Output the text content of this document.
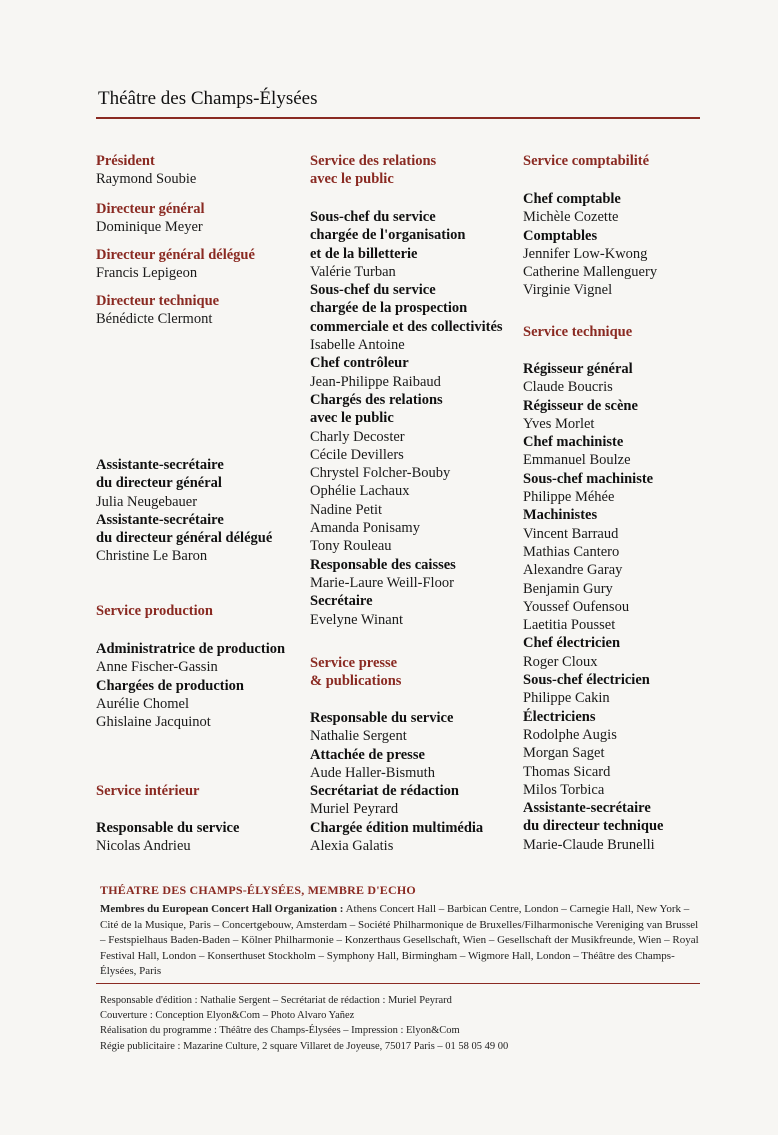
Théâtre des Champs-Élysées
Président
Raymond Soubie
Directeur général
Dominique Meyer
Directeur général délégué
Francis Lepigeon
Directeur technique
Bénédicte Clermont
Assistante-secrétaire
du directeur général
Julia Neugebauer
Assistante-secrétaire
du directeur général délégué
Christine Le Baron
Service production
Administratrice de production
Anne Fischer-Gassin
Chargées de production
Aurélie Chomel
Ghislaine Jacquinot
Service intérieur
Responsable du service
Nicolas Andrieu
Service des relations
avec le public
Sous-chef du service
chargée de l'organisation
et de la billetterie
Valérie Turban
Sous-chef du service
chargée de la prospection
commerciale et des collectivités
Isabelle Antoine
Chef contrôleur
Jean-Philippe Raibaud
Chargés des relations
avec le public
Charly Decoster
Cécile Devillers
Chrystel Folcher-Bouby
Ophélie Lachaux
Nadine Petit
Amanda Ponisamy
Tony Rouleau
Responsable des caisses
Marie-Laure Weill-Floor
Secrétaire
Evelyne Winant
Service presse
& publications
Responsable du service
Nathalie Sergent
Attachée de presse
Aude Haller-Bismuth
Secrétariat de rédaction
Muriel Peyrard
Chargée édition multimédia
Alexia Galatis
Service comptabilité
Chef comptable
Michèle Cozette
Comptables
Jennifer Low-Kwong
Catherine Mallenguery
Virginie Vignel
Service technique
Régisseur général
Claude Boucris
Régisseur de scène
Yves Morlet
Chef machiniste
Emmanuel Boulze
Sous-chef machiniste
Philippe Méhée
Machinistes
Vincent Barraud
Mathias Cantero
Alexandre Garay
Benjamin Gury
Youssef Oufensou
Laetitia Pousset
Chef électricien
Roger Cloux
Sous-chef électricien
Philippe Cakin
Électriciens
Rodolphe Augis
Morgan Saget
Thomas Sicard
Milos Torbica
Assistante-secrétaire
du directeur technique
Marie-Claude Brunelli
THÉATRE DES CHAMPS-ÉLYSÉES, MEMBRE D'ECHO
Membres du European Concert Hall Organization : Athens Concert Hall – Barbican Centre, London – Carnegie Hall, New York – Cité de la Musique, Paris – Concertgebouw, Amsterdam – Société Philharmonique de Bruxelles/Filharmonische Vereniging van Brussel – Festspielhaus Baden-Baden – Kölner Philharmonie – Konzerthaus Gesellschaft, Wien – Gesellschaft der Musikfreunde, Wien – Royal Festival Hall, London – Konserthuset Stockholm – Symphony Hall, Birmingham – Wigmore Hall, London – Théâtre des Champs-Élysées, Paris
Responsable d'édition : Nathalie Sergent – Secrétariat de rédaction : Muriel Peyrard
Couverture : Conception Elyon&Com – Photo Alvaro Yañez
Réalisation du programme : Théâtre des Champs-Élysées – Impression : Elyon&Com
Régie publicitaire : Mazarine Culture, 2 square Villaret de Joyeuse, 75017 Paris – 01 58 05 49 00
